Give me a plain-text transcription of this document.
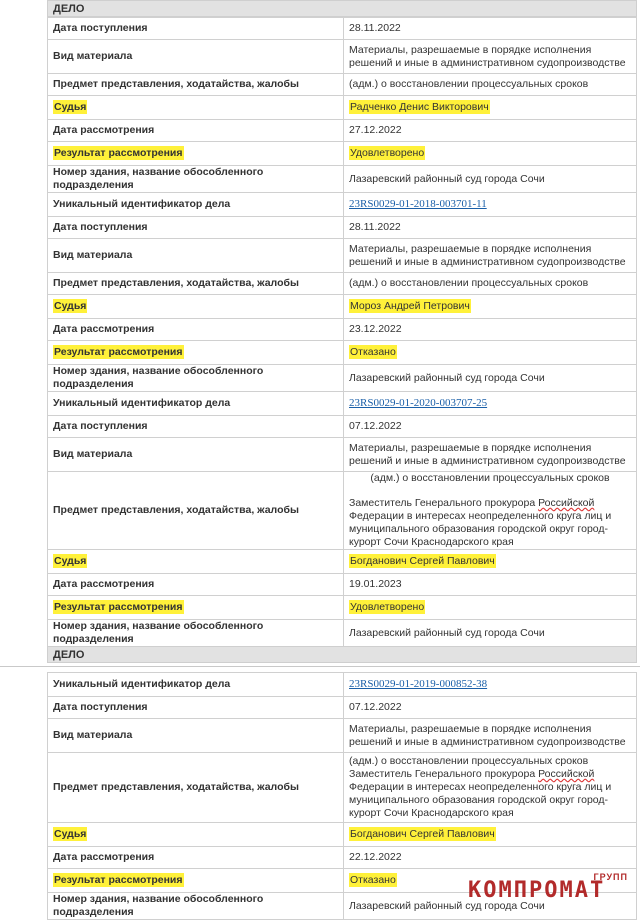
ДЕЛО
Дата поступления	28.11.2022
Вид материала	Материалы, разрешаемые в порядке исполнения решений и иные в административном судопроизводстве
Предмет представления, ходатайства, жалобы	(адм.) о восстановлении процессуальных сроков
Судья	Радченко Денис Викторович
Дата рассмотрения	27.12.2022
Результат рассмотрения	Удовлетворено
Номер здания, название обособленного подразделения	Лазаревский районный суд города Сочи
Уникальный идентификатор дела	23RS0029-01-2018-003701-11
Дата поступления	28.11.2022
Вид материала	Материалы, разрешаемые в порядке исполнения решений и иные в административном судопроизводстве
Предмет представления, ходатайства, жалобы	(адм.) о восстановлении процессуальных сроков
Судья	Мороз Андрей Петрович
Дата рассмотрения	23.12.2022
Результат рассмотрения	Отказано
Номер здания, название обособленного подразделения	Лазаревский районный суд города Сочи
Уникальный идентификатор дела	23RS0029-01-2020-003707-25
Дата поступления	07.12.2022
Вид материала	Материалы, разрешаемые в порядке исполнения решений и иные в административном судопроизводстве
Предмет представления, ходатайства, жалобы	(адм.) о восстановлении процессуальных сроков
Заместитель Генерального прокурора Российской Федерации в интересах неопределенного круга лиц и муниципального образования городской округ город-курорт Сочи Краснодарского края
Судья	Богданович Сергей Павлович
Дата рассмотрения	19.01.2023
Результат рассмотрения	Удовлетворено
Номер здания, название обособленного подразделения	Лазаревский районный суд города Сочи
ДЕЛО
Уникальный идентификатор дела	23RS0029-01-2019-000852-38
Дата поступления	07.12.2022
Вид материала	Материалы, разрешаемые в порядке исполнения решений и иные в административном судопроизводстве
Предмет представления, ходатайства, жалобы	(адм.) о восстановлении процессуальных сроков
Заместитель Генерального прокурора Российской Федерации в интересах неопределенного круга лиц и муниципального образования городской округ город-курорт Сочи Краснодарского края
Судья	Богданович Сергей Павлович
Дата рассмотрения	22.12.2022
Результат рассмотрения	Отказано
Номер здания, название обособленного подразделения	Лазаревский районный суд города Сочи
ГРУПП
КОМПРОМАТ
